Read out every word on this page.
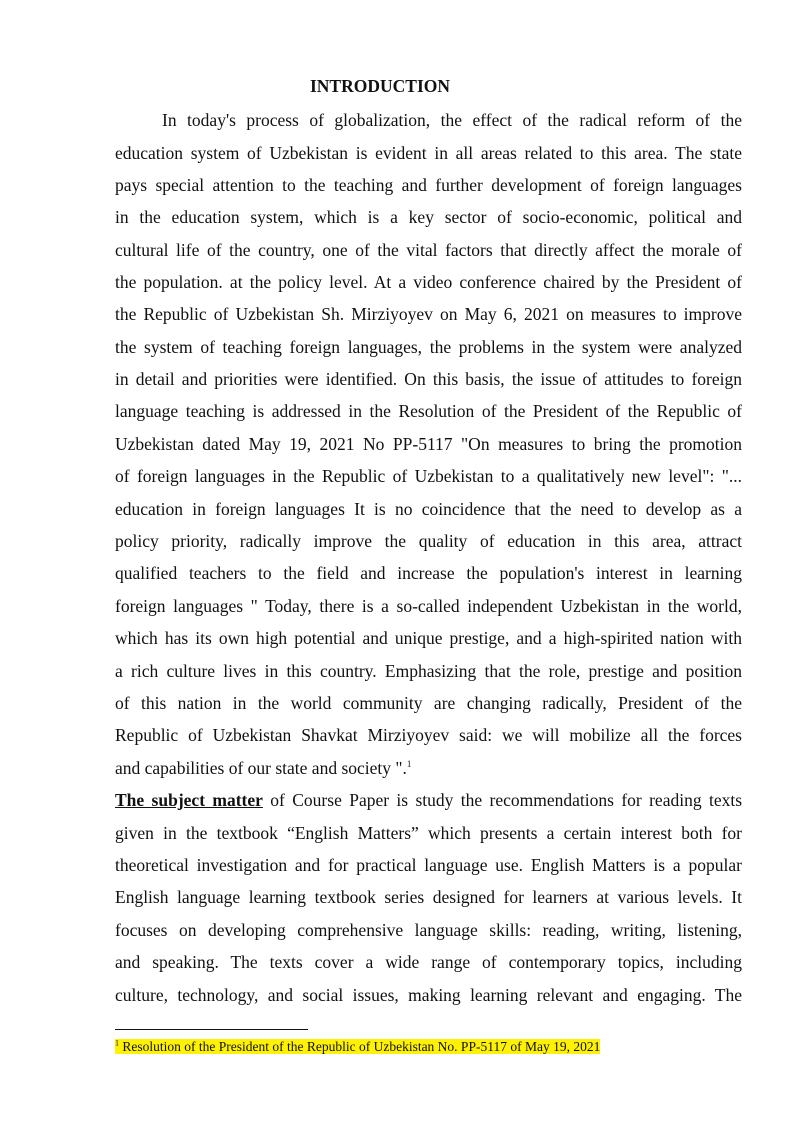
INTRODUCTION
In today's process of globalization, the effect of the radical reform of the
education system of Uzbekistan is evident in all areas related to this area. The state
pays special attention to the teaching and further development of foreign languages
in the education system, which is a key sector of socio-economic, political and
cultural life of the country, one of the vital factors that directly affect the morale of
the population. at the policy level. At a video conference chaired by the President of
the Republic of Uzbekistan Sh. Mirziyoyev on May 6, 2021 on measures to improve
the system of teaching foreign languages, the problems in the system were analyzed
in detail and priorities were identified. On this basis, the issue of attitudes to foreign
language teaching is addressed in the Resolution of the President of the Republic of
Uzbekistan dated May 19, 2021 No PP-5117 "On measures to bring the promotion
of foreign languages in the Republic of Uzbekistan to a qualitatively new level": "...
education in foreign languages It is no coincidence that the need to develop as a
policy priority, radically improve the quality of education in this area, attract
qualified teachers to the field and increase the population's interest in learning
foreign languages " Today, there is a so-called independent Uzbekistan in the world,
which has its own high potential and unique prestige, and a high-spirited nation with
a rich culture lives in this country. Emphasizing that the role, prestige and position
of this nation in the world community are changing radically, President of the
Republic of Uzbekistan Shavkat Mirziyoyev said: we will mobilize all the forces
and capabilities of our state and society ".$^1$
The subject matter of Course Paper is study the recommendations for reading texts
given in the textbook “English Matters” which presents a certain interest both for
theoretical investigation and for practical language use. English Matters is a popular
English language learning textbook series designed for learners at various levels. It
focuses on developing comprehensive language skills: reading, writing, listening,
and speaking. The texts cover a wide range of contemporary topics, including
culture, technology, and social issues, making learning relevant and engaging. The
$^1$ Resolution of the President of the Republic of Uzbekistan No. PP-5117 of May 19, 2021
